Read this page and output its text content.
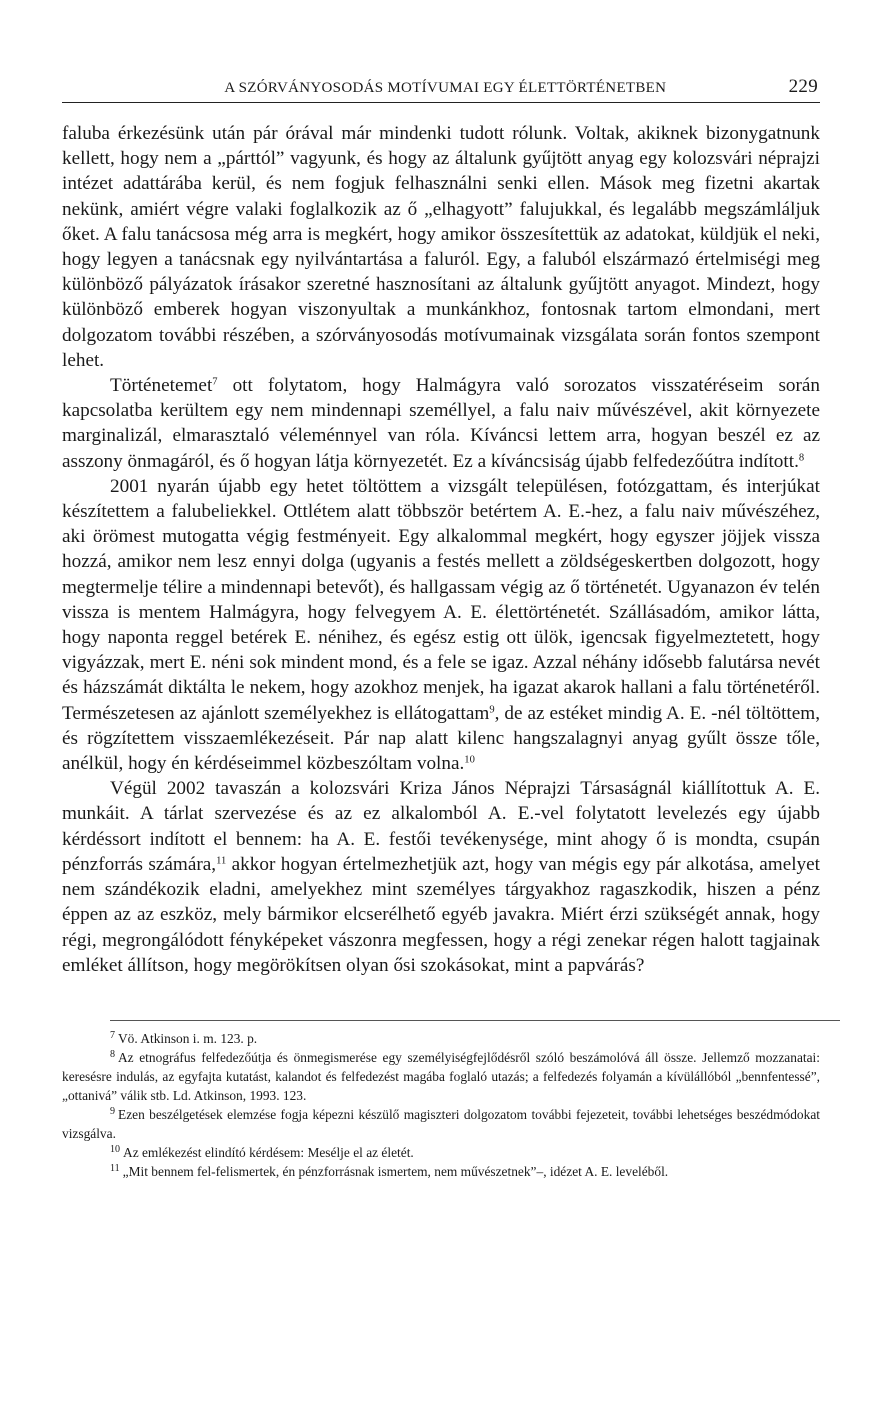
A SZÓRVÁNYOSODÁS MOTÍVUMAI EGY ÉLETTÖRTÉNETBEN	229

faluba érkezésünk után pár órával már mindenki tudott rólunk. Voltak, akiknek bizonygatnunk kellett, hogy nem a „párttól” vagyunk, és hogy az általunk gyűjtött anyag egy kolozsvári néprajzi intézet adattárába kerül, és nem fogjuk felhasználni senki ellen. Mások meg fizetni akartak nekünk, amiért végre valaki foglalkozik az ő „elhagyott” falujukkal, és legalább megszámláljuk őket. A falu tanácsosa még arra is megkért, hogy amikor összesítettük az adatokat, küldjük el neki, hogy legyen a tanácsnak egy nyilvántartása a faluról. Egy, a faluból elszármazó értelmiségi meg különböző pályázatok írásakor szeretné hasznosítani az általunk gyűjtött anyagot. Mindezt, hogy különböző emberek hogyan viszonyultak a munkánkhoz, fontosnak tartom elmondani, mert dolgozatom további részében, a szórványosodás motívumainak vizsgálata során fontos szempont lehet.

Történetemet$^7$ ott folytatom, hogy Halmágyra való sorozatos visszatéréseim során kapcsolatba kerültem egy nem mindennapi személlyel, a falu naiv művészével, akit környezete marginalizál, elmarasztaló véleménnyel van róla. Kíváncsi lettem arra, hogyan beszél ez az asszony önmagáról, és ő hogyan látja környezetét. Ez a kíváncsiság újabb felfedezőútra indított.$^8$

2001 nyarán újabb egy hetet töltöttem a vizsgált településen, fotózgattam, és interjúkat készítettem a falubeliekkel. Ottlétem alatt többször betértem A. E.-hez, a falu naiv művészéhez, aki örömest mutogatta végig festményeit. Egy alkalommal megkért, hogy egyszer jöjjek vissza hozzá, amikor nem lesz ennyi dolga (ugyanis a festés mellett a zöldségeskertben dolgozott, hogy megtermelje télire a mindennapi betevőt), és hallgassam végig az ő történetét. Ugyanazon év telén vissza is mentem Halmágyra, hogy felvegyem A. E. élettörténetét. Szállásadóm, amikor látta, hogy naponta reggel betérek E. nénihez, és egész estig ott ülök, igencsak figyelmeztetett, hogy vigyázzak, mert E. néni sok mindent mond, és a fele se igaz. Azzal néhány idősebb falutársa nevét és házszámát diktálta le nekem, hogy azokhoz menjek, ha igazat akarok hallani a falu történetéről. Természetesen az ajánlott személyekhez is ellátogattam$^9$, de az estéket mindig A. E. -nél töltöttem, és rögzítettem visszaemlékezéseit. Pár nap alatt kilenc hangszalagnyi anyag gyűlt össze tőle, anélkül, hogy én kérdéseimmel közbeszóltam volna.$^{10}$

Végül 2002 tavaszán a kolozsvári Kriza János Néprajzi Társaságnál kiállítottuk A. E. munkáit. A tárlat szervezése és az ez alkalomból A. E.-vel folytatott levelezés egy újabb kérdéssort indított el bennem: ha A. E. festői tevékenysége, mint ahogy ő is mondta, csupán pénzforrás számára,$^{11}$ akkor hogyan értelmezhetjük azt, hogy van mégis egy pár alkotása, amelyet nem szándékozik eladni, amelyekhez mint személyes tárgyakhoz ragaszkodik, hiszen a pénz éppen az az eszköz, mely bármikor elcserélhető egyéb javakra. Miért érzi szükségét annak, hogy régi, megrongálódott fényképeket vászonra megfessen, hogy a régi zenekar régen halott tagjainak emléket állítson, hogy megörökítsen olyan ősi szokásokat, mint a papvárás?

$^7$ Vö. Atkinson i. m. 123. p.

$^8$ Az etnográfus felfedezőútja és önmegismerése egy személyiségfejlődésről szóló beszámolóvá áll össze. Jellemző mozzanatai: keresésre indulás, az egyfajta kutatást, kalandot és felfedezést magába foglaló utazás; a felfedezés folyamán a kívülállóból „bennfentessé”, „ottanivá” válik stb. Ld. Atkinson, 1993. 123.

$^9$ Ezen beszélgetések elemzése fogja képezni készülő magiszteri dolgozatom további fejezeteit, további lehetséges beszédmódokat vizsgálva.

$^{10}$ Az emlékezést elindító kérdésem: Mesélje el az életét.

$^{11}$ „Mit bennem fel-felismertek, én pénzforrásnak ismertem, nem művészetnek”–, idézet A. E. leveléből.
